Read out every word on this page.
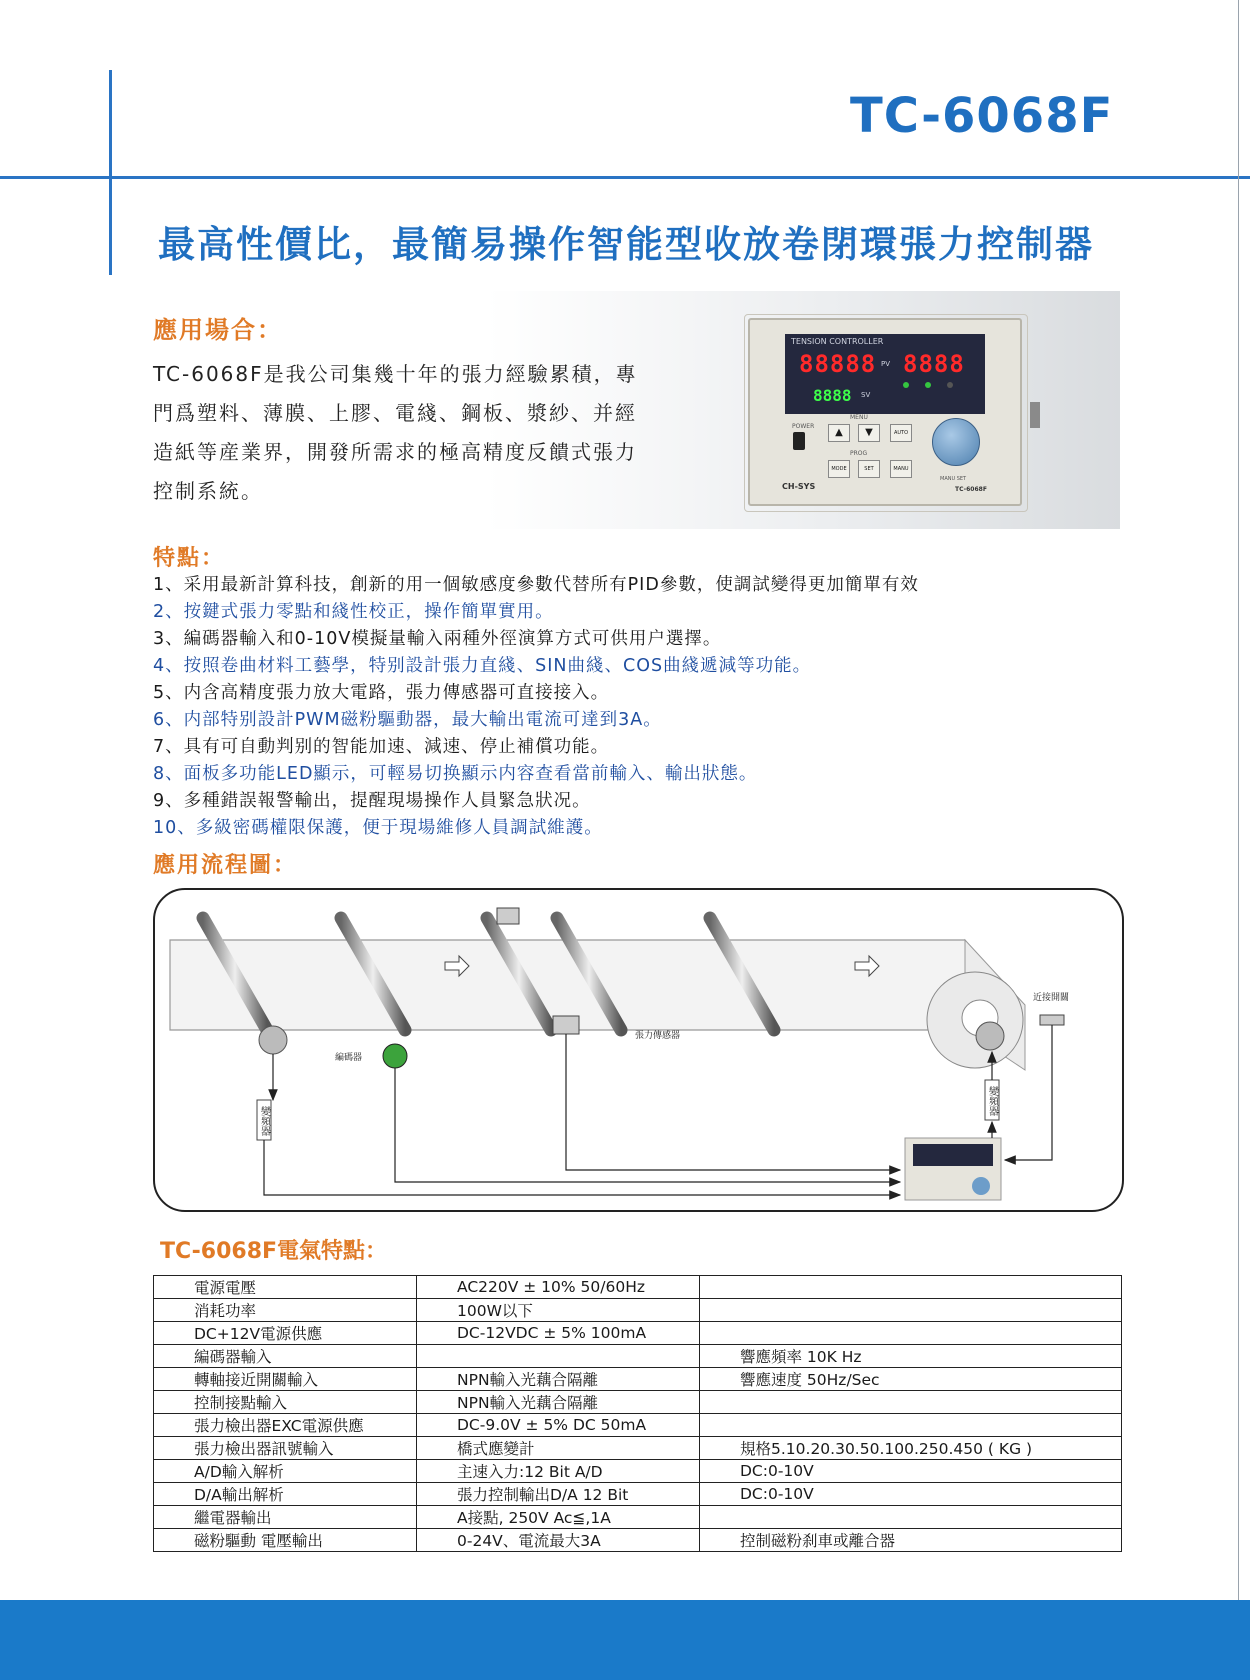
TC-6068F
最高性價比，最簡易操作智能型收放卷閉環張力控制器
應用場合：
TC-6068F是我公司集幾十年的張力經驗累積，專
門爲塑料、薄膜、上膠、電綫、鋼板、漿紗、并經
造紙等産業界，開發所需求的極高精度反饋式張力
控制系統。
TENSION CONTROLLER
88888 PV 8888
8888 SV
POWER
MENU
▲	▼	AUTO
PROG
MODE	SET	MANU
MANU SET
CH-SYS	TC-6068F
特點：
1、采用最新計算科技，創新的用一個敏感度參數代替所有PID參數，使調試變得更加簡單有效
2、按鍵式張力零點和綫性校正，操作簡單實用。
3、編碼器輸入和0-10V模擬量輸入兩種外徑演算方式可供用户選擇。
4、按照卷曲材料工藝學，特别設計張力直綫、SIN曲綫、COS曲綫遞減等功能。
5、内含高精度張力放大電路，張力傳感器可直接接入。
6、内部特别設計PWM磁粉驅動器，最大輸出電流可達到3A。
7、具有可自動判别的智能加速、減速、停止補償功能。
8、面板多功能LED顯示，可輕易切换顯示内容查看當前輸入、輸出狀態。
9、多種錯誤報警輸出，提醒現場操作人員緊急狀况。
10、多級密碼權限保護，便于現場維修人員調試維護。
應用流程圖：
編碼器
張力傳感器
近接開關
變頻器
變頻器
TC-6068F電氣特點：
電源電壓	AC220V ± 10% 50/60Hz	
消耗功率	100W以下	
DC+12V電源供應	DC-12VDC ± 5% 100mA	
編碼器輸入		響應頻率 10K Hz
轉軸接近開關輸入	NPN輸入光藕合隔離	響應速度 50Hz/Sec
控制接點輸入	NPN輸入光藕合隔離	
張力檢出器EXC電源供應	DC-9.0V ± 5% DC 50mA	
張力檢出器訊號輸入	橋式應變計	規格5.10.20.30.50.100.250.450 ( KG )
A/D輸入解析	主速入力:12 Bit A/D	DC:0-10V
D/A輸出解析	張力控制輸出D/A 12 Bit	DC:0-10V
繼電器輸出	A接點, 250V Ac≦,1A	
磁粉驅動 電壓輸出	0-24V、電流最大3A	控制磁粉刹車或離合器
